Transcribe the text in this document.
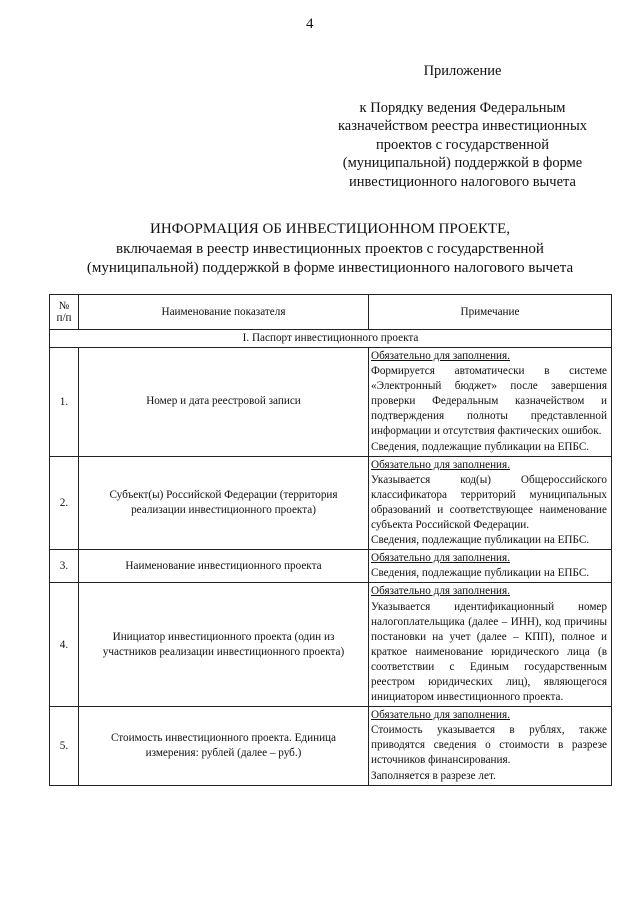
4
Приложение
к Порядку ведения Федеральным
казначейством реестра инвестиционных
проектов с государственной
(муниципальной) поддержкой в форме
инвестиционного налогового вычета
ИНФОРМАЦИЯ ОБ ИНВЕСТИЦИОННОМ ПРОЕКТЕ,
включаемая в реестр инвестиционных проектов с государственной
(муниципальной) поддержкой в форме инвестиционного налогового вычета
№
п/п	Наименование показателя	Примечание
I. Паспорт инвестиционного проекта		
1.	Номер и дата реестровой записи	Обязательно для заполнения.
Формируется автоматически в системе «Электронный бюджет» после завершения проверки Федеральным казначейством и подтверждения полноты представленной информации и отсутствия фактических ошибок.
Сведения, подлежащие публикации на ЕПБС.

2.	Субъект(ы) Российской Федерации (территория реализации инвестиционного проекта)	Обязательно для заполнения.
Указывается код(ы) Общероссийского классификатора территорий муниципальных образований и соответствующее наименование субъекта Российской Федерации.
Сведения, подлежащие публикации на ЕПБС.

3.	Наименование инвестиционного проекта	Обязательно для заполнения.
Сведения, подлежащие публикации на ЕПБС.

4.	Инициатор инвестиционного проекта (один из участников реализации инвестиционного проекта)	Обязательно для заполнения.
Указывается идентификационный номер налогоплательщика (далее – ИНН), код причины постановки на учет (далее – КПП), полное и краткое наименование юридического лица (в соответствии с Единым государственным реестром юридических лиц), являющегося инициатором инвестиционного проекта.

5.	Стоимость инвестиционного проекта. Единица измерения: рублей (далее – руб.)	Обязательно для заполнения.
Стоимость указывается в рублях, также приводятся сведения о стоимости в разрезе источников финансирования.
Заполняется в разрезе лет.
